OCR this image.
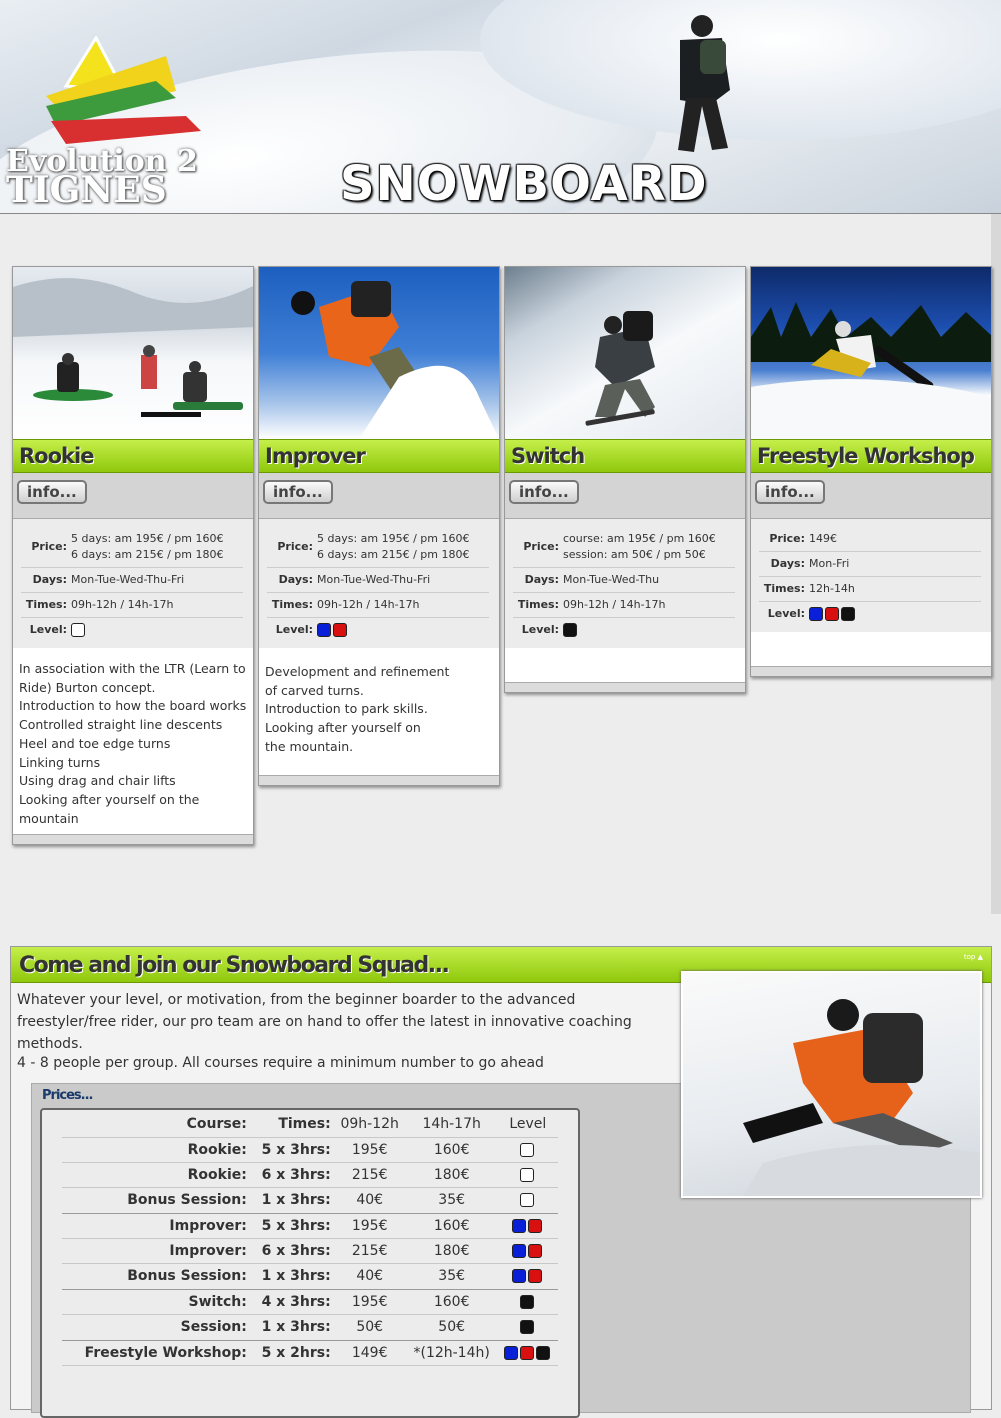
Evolution 2
TIGNES	SNOWBOARD
Rookie
info...
Price:	5 days: am 195€ / pm 160€
6 days: am 215€ / pm 180€

Days:	Mon-Tue-Wed-Thu-Fri
Times:	09h-12h / 14h-17h
Level:	
In association with the LTR (Learn to Ride) Burton concept.
Introduction to how the board works
Controlled straight line descents
Heel and toe edge turns
Linking turns
Using drag and chair lifts
Looking after yourself on the mountain
Improver
info...
Price:	5 days: am 195€ / pm 160€
6 days: am 215€ / pm 180€

Days:	Mon-Tue-Wed-Thu-Fri
Times:	09h-12h / 14h-17h
Level:	
Development and refinement of carved turns.
Introduction to park skills.
Looking after yourself on the mountain.
Switch
info...
Price:	course: am 195€ / pm 160€
session: am 50€ / pm 50€

Days:	Mon-Tue-Wed-Thu
Times:	09h-12h / 14h-17h
Level:	
Freestyle Workshop
info...
Price:	149€
Days:	Mon-Fri
Times:	12h-14h
Level:	
Come and join our Snowboard Squad...	top ▲
Whatever your level, or motivation, from the beginner boarder to the advanced freestyler/free rider, our pro team are on hand to offer the latest in innovative coaching methods.
4 - 8 people per group. All courses require a minimum number to go ahead
Prices...
Course:	Times:	09h-12h	14h-17h	Level
Rookie:	5 x 3hrs:	195€	160€	
Rookie:	6 x 3hrs:	215€	180€	
Bonus Session:	1 x 3hrs:	40€	35€	
Improver:	5 x 3hrs:	195€	160€	
Improver:	6 x 3hrs:	215€	180€	
Bonus Session:	1 x 3hrs:	40€	35€	
Switch:	4 x 3hrs:	195€	160€	
Session:	1 x 3hrs:	50€	50€	
Freestyle Workshop:	5 x 2hrs:	149€	*(12h-14h)	
